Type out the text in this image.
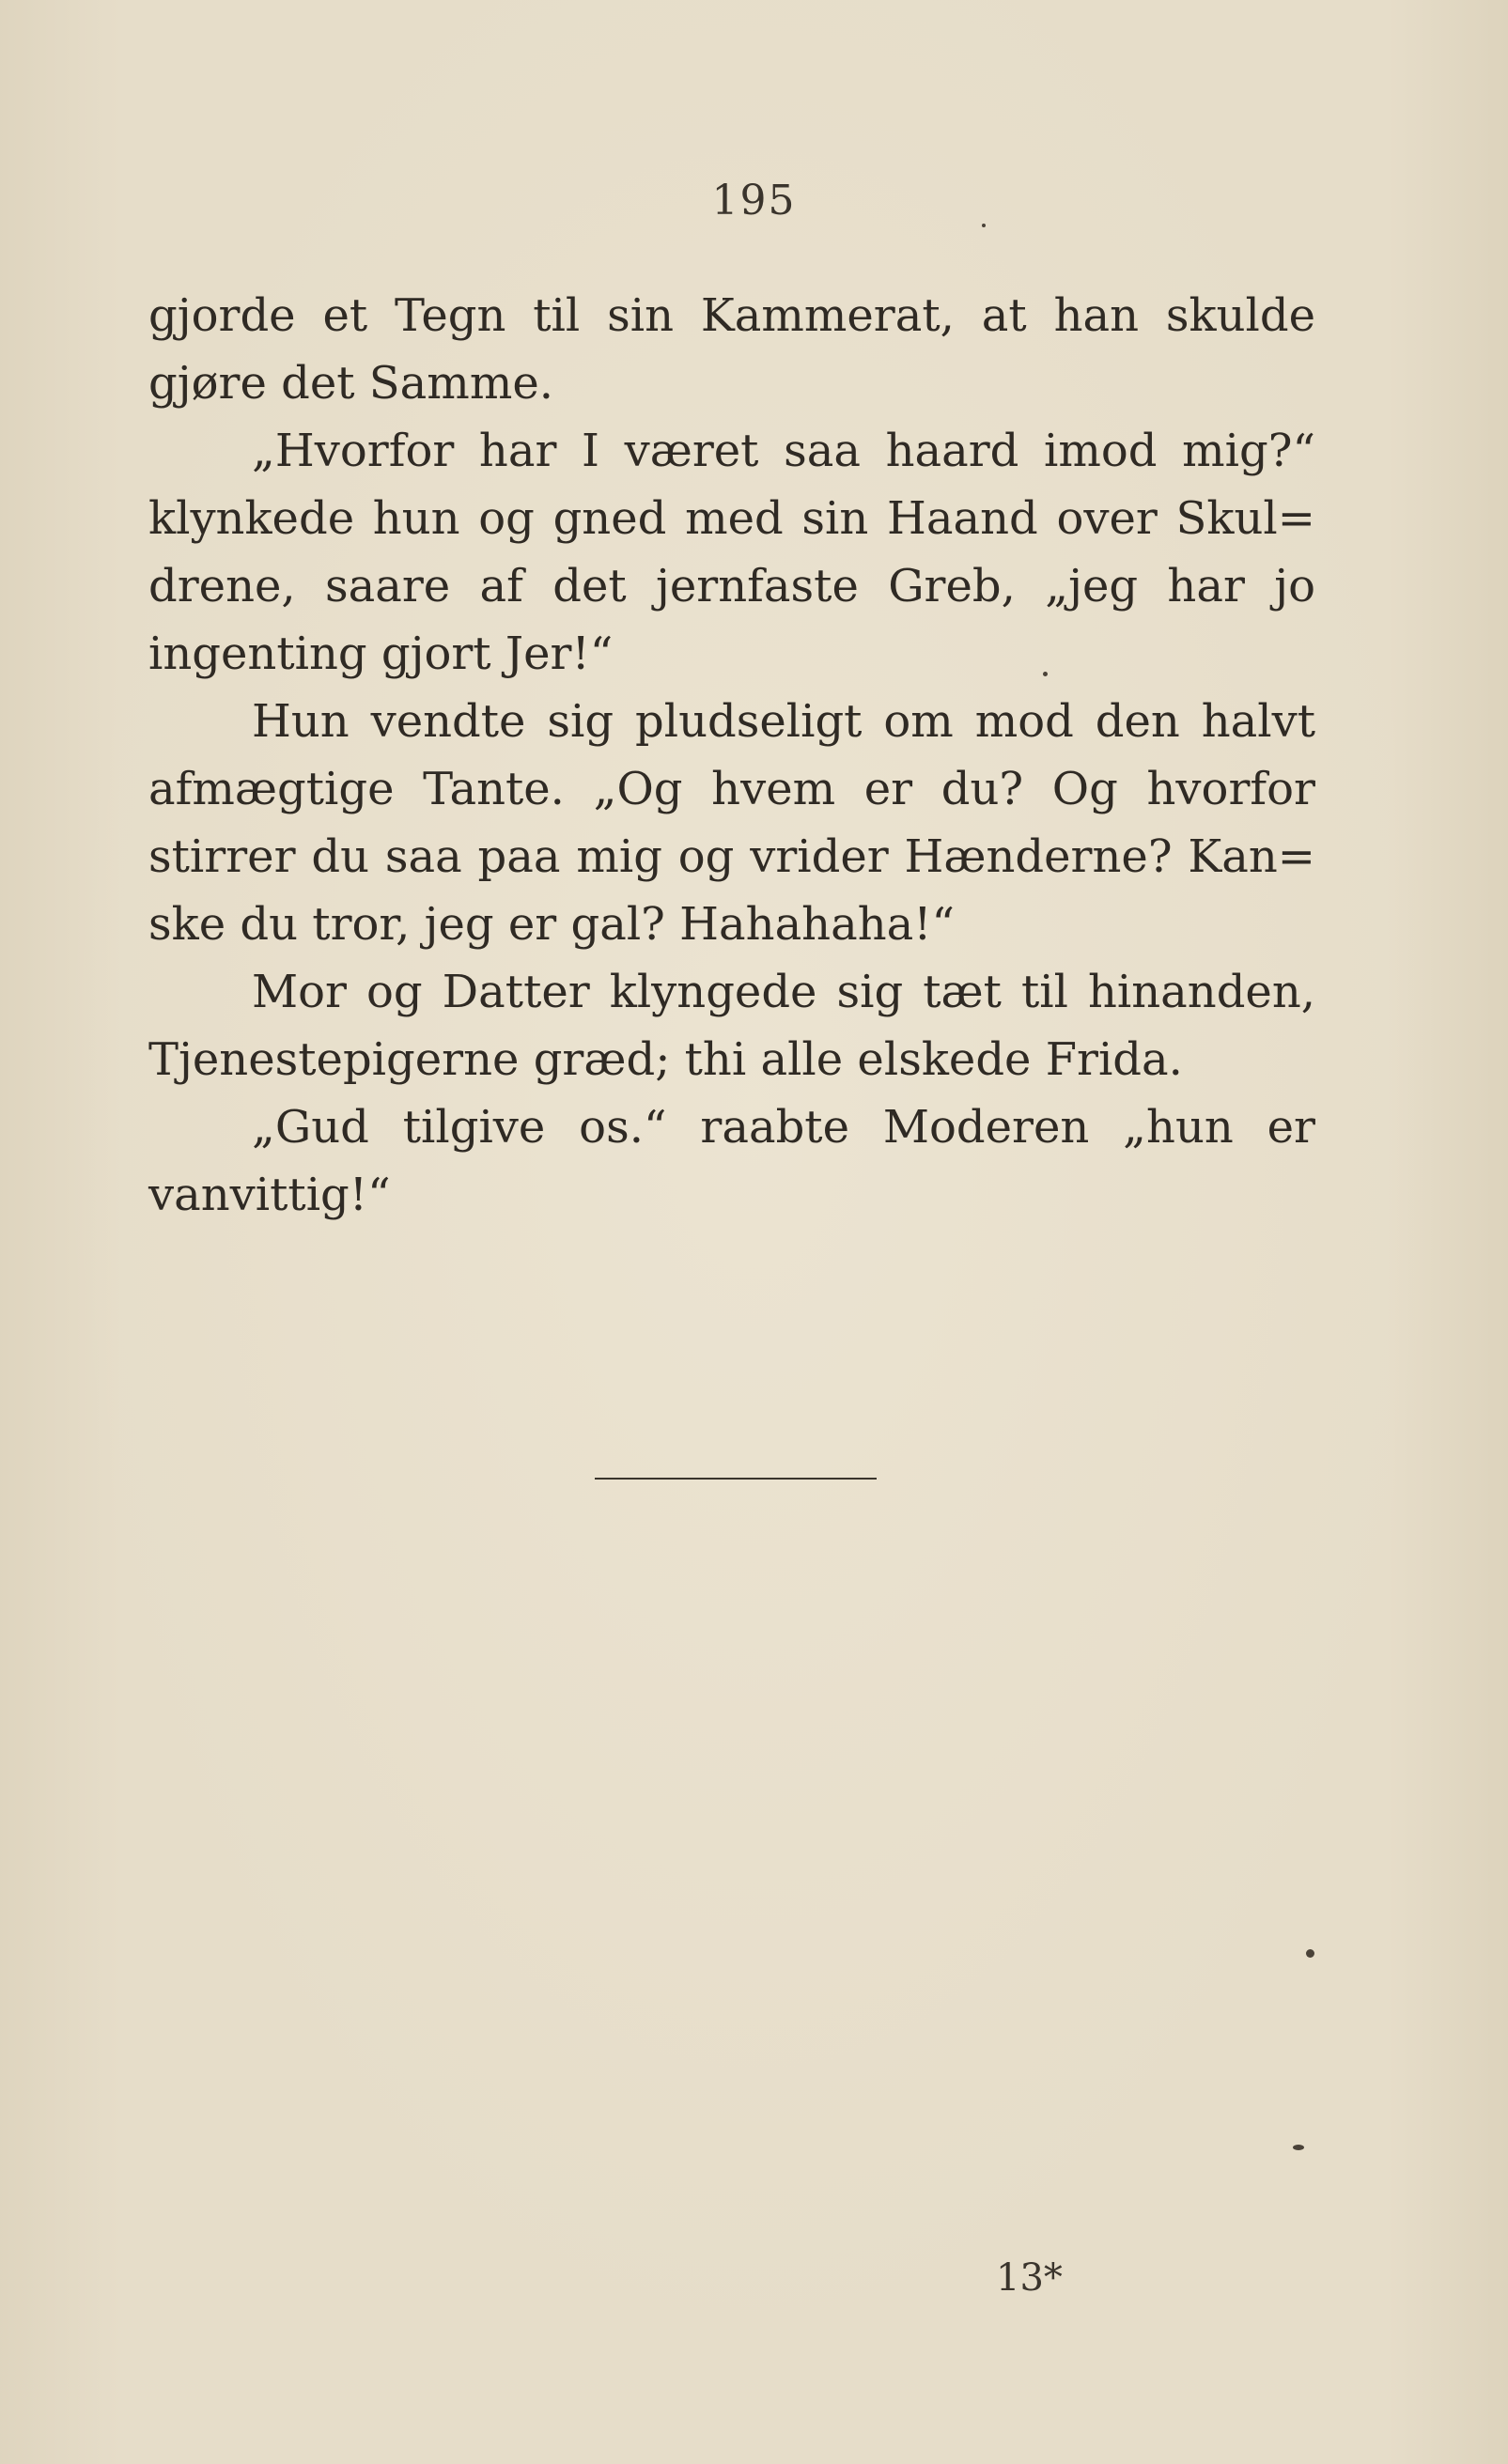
195
gjorde et Tegn til sin Kammerat, at han skulde
gjøre det Samme.
„Hvorfor har I været saa haard imod mig?“
klynkede hun og gned med sin Haand over Skul=
drene, saare af det jernfaste Greb, „jeg har jo
ingenting gjort Jer!“
Hun vendte sig pludseligt om mod den halvt
afmægtige Tante. „Og hvem er du? Og hvorfor
stirrer du saa paa mig og vrider Hænderne? Kan=
ske du tror, jeg er gal? Hahahaha!“
Mor og Datter klyngede sig tæt til hinanden,
Tjenestepigerne græd; thi alle elskede Frida.
„Gud tilgive os.“ raabte Moderen „hun er
vanvittig!“
13*
